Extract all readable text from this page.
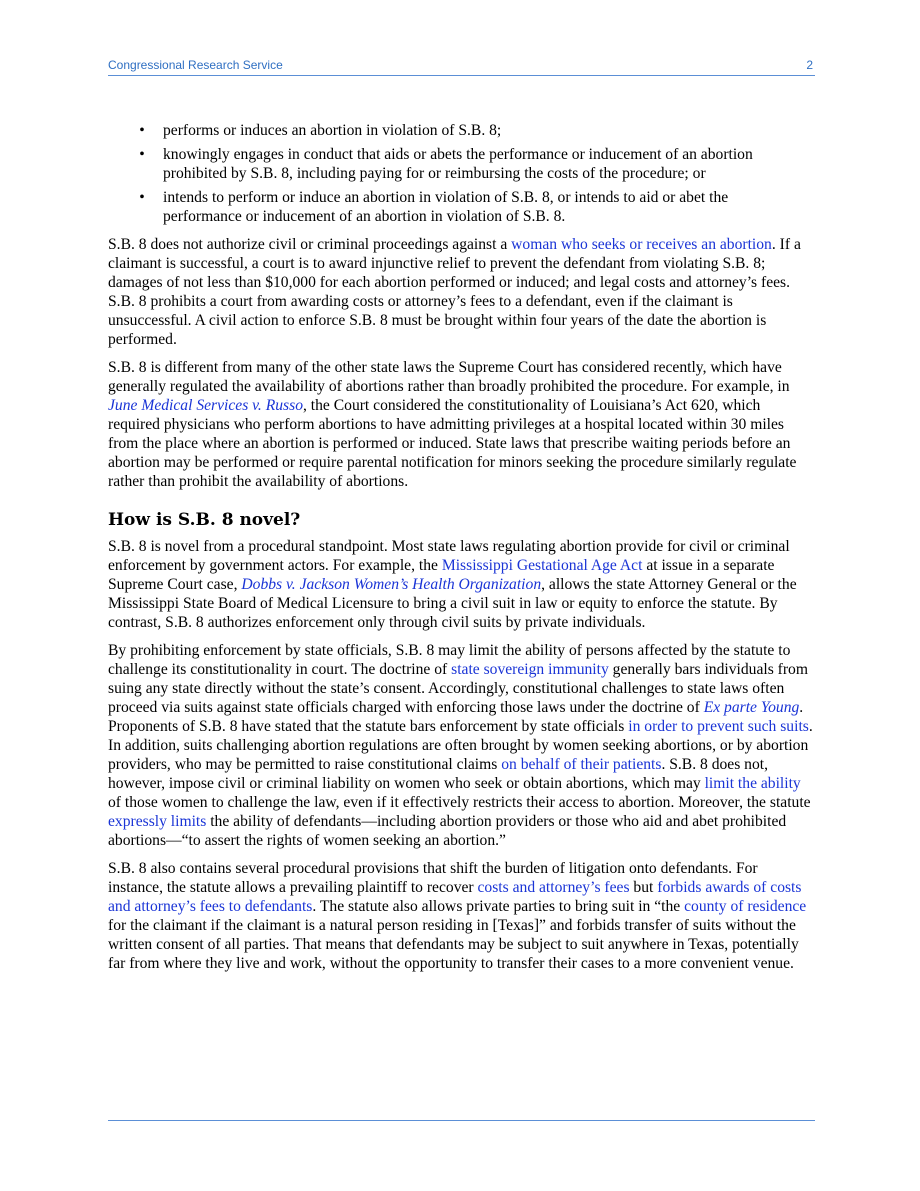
Congressional Research Service	2
• performs or induces an abortion in violation of S.B. 8;
• knowingly engages in conduct that aids or abets the performance or inducement of an abortion prohibited by S.B. 8, including paying for or reimbursing the costs of the procedure; or
• intends to perform or induce an abortion in violation of S.B. 8, or intends to aid or abet the performance or inducement of an abortion in violation of S.B. 8.

S.B. 8 does not authorize civil or criminal proceedings against a woman who seeks or receives an abortion. If a claimant is successful, a court is to award injunctive relief to prevent the defendant from violating S.B. 8; damages of not less than $10,000 for each abortion performed or induced; and legal costs and attorney’s fees. S.B. 8 prohibits a court from awarding costs or attorney’s fees to a defendant, even if the claimant is unsuccessful. A civil action to enforce S.B. 8 must be brought within four years of the date the abortion is performed.

S.B. 8 is different from many of the other state laws the Supreme Court has considered recently, which have generally regulated the availability of abortions rather than broadly prohibited the procedure. For example, in June Medical Services v. Russo, the Court considered the constitutionality of Louisiana’s Act 620, which required physicians who perform abortions to have admitting privileges at a hospital located within 30 miles from the place where an abortion is performed or induced. State laws that prescribe waiting periods before an abortion may be performed or require parental notification for minors seeking the procedure similarly regulate rather than prohibit the availability of abortions.

How is S.B. 8 novel?

S.B. 8 is novel from a procedural standpoint. Most state laws regulating abortion provide for civil or criminal enforcement by government actors. For example, the Mississippi Gestational Age Act at issue in a separate Supreme Court case, Dobbs v. Jackson Women’s Health Organization, allows the state Attorney General or the Mississippi State Board of Medical Licensure to bring a civil suit in law or equity to enforce the statute. By contrast, S.B. 8 authorizes enforcement only through civil suits by private individuals.

By prohibiting enforcement by state officials, S.B. 8 may limit the ability of persons affected by the statute to challenge its constitutionality in court. The doctrine of state sovereign immunity generally bars individuals from suing any state directly without the state’s consent. Accordingly, constitutional challenges to state laws often proceed via suits against state officials charged with enforcing those laws under the doctrine of Ex parte Young. Proponents of S.B. 8 have stated that the statute bars enforcement by state officials in order to prevent such suits. In addition, suits challenging abortion regulations are often brought by women seeking abortions, or by abortion providers, who may be permitted to raise constitutional claims on behalf of their patients. S.B. 8 does not, however, impose civil or criminal liability on women who seek or obtain abortions, which may limit the ability of those women to challenge the law, even if it effectively restricts their access to abortion. Moreover, the statute expressly limits the ability of defendants—including abortion providers or those who aid and abet prohibited abortions—“to assert the rights of women seeking an abortion.”

S.B. 8 also contains several procedural provisions that shift the burden of litigation onto defendants. For instance, the statute allows a prevailing plaintiff to recover costs and attorney’s fees but forbids awards of costs and attorney’s fees to defendants. The statute also allows private parties to bring suit in “the county of residence for the claimant if the claimant is a natural person residing in [Texas]” and forbids transfer of suits without the written consent of all parties. That means that defendants may be subject to suit anywhere in Texas, potentially far from where they live and work, without the opportunity to transfer their cases to a more convenient venue.
